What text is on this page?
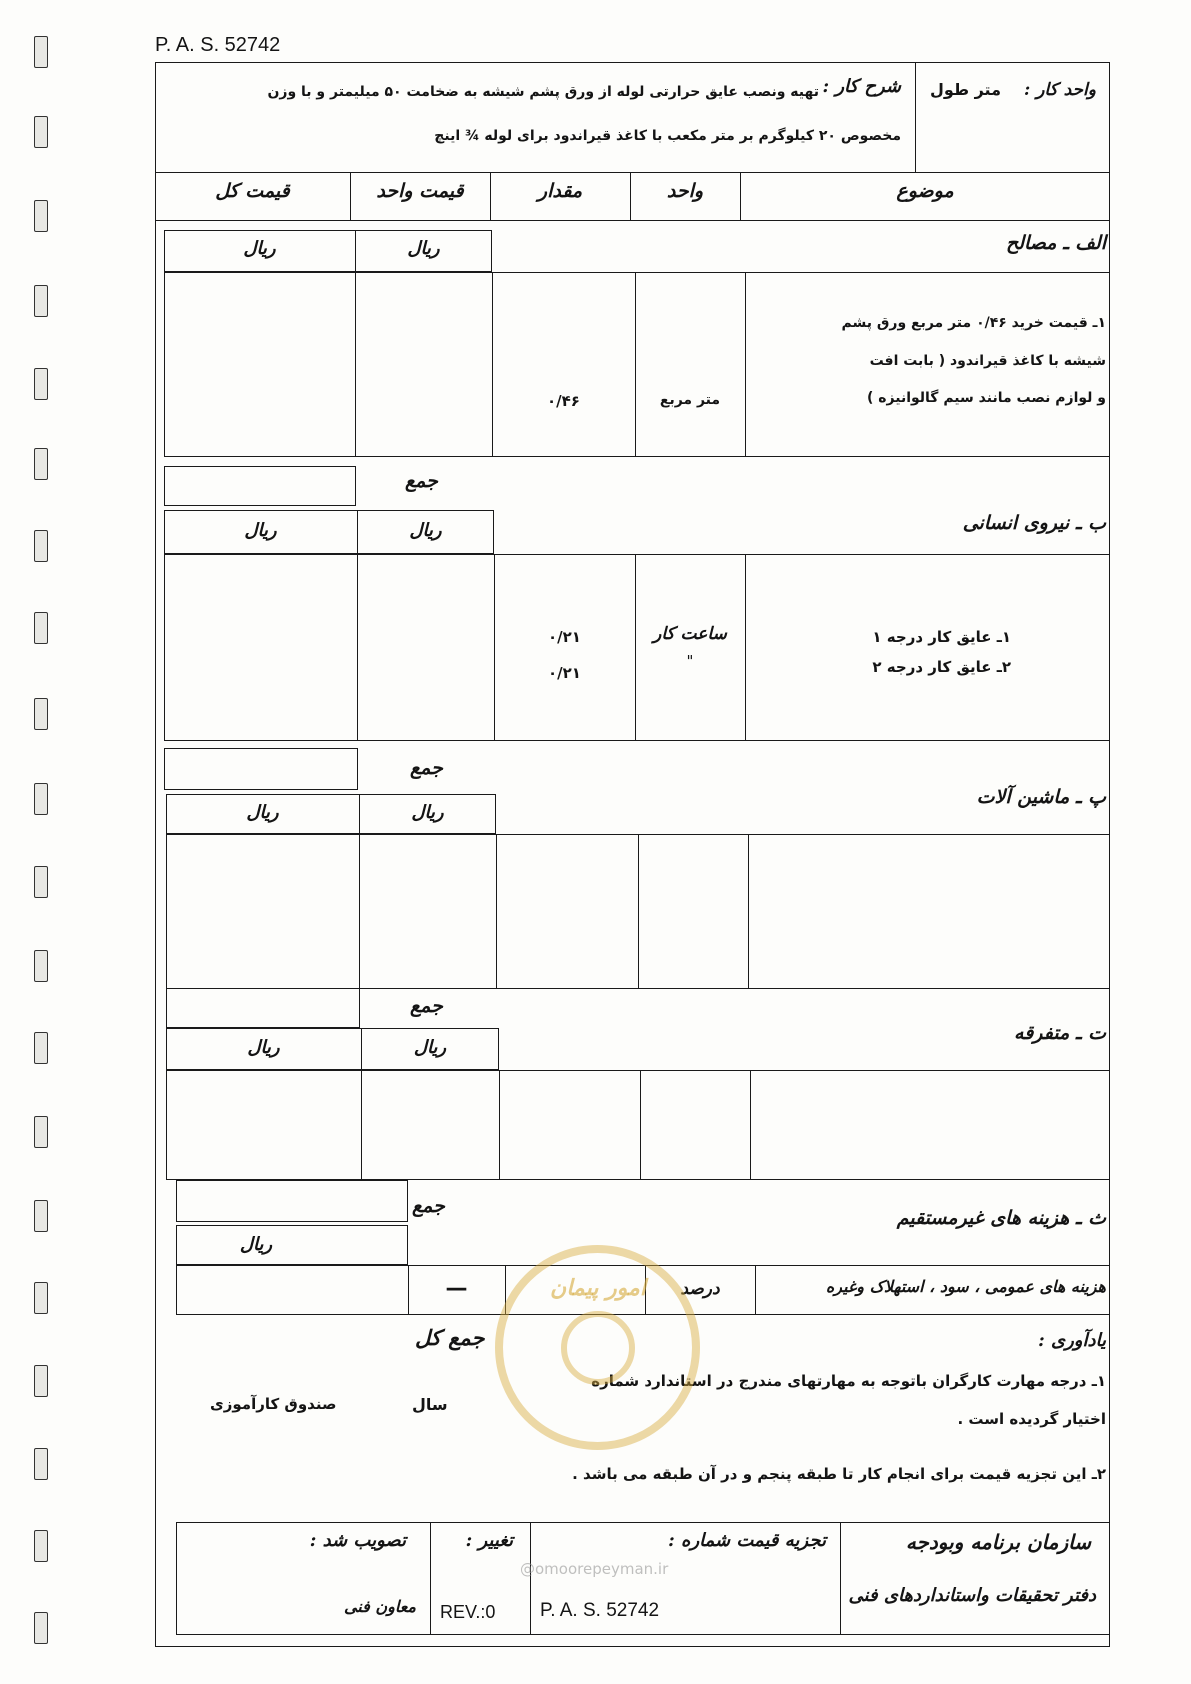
P. A. S. 52742
واحد کار :
متر طول
شرح کار :
تهیه ونصب عایق حرارتی لوله از ورق پشم شیشه به ضخامت ۵۰ میلیمتر و با وزن
مخصوص ۲۰ کیلوگرم بر متر مکعب با کاغذ قیراندود برای لوله ¾ اینچ
موضوع
واحد
مقدار
قیمت واحد
قیمت کل
الف ـ مصالح
ریال
ریال
۱ـ قیمت خرید ۰/۴۶ متر مربع ورق پشم
شیشه با کاغذ قیراندود ( بابت افت
و لوازم نصب مانند سیم گالوانیزه )
متر مربع
۰/۴۶
جمع
ب ـ نیروی انسانی
ریال
ریال
۱ـ عایق کار درجه ۱
۲ـ عایق کار درجه ۲
ساعت کار
"
۰/۲۱
۰/۲۱
جمع
پ ـ ماشین آلات
ریال
ریال
جمع
ت ـ متفرقه
ریال
ریال
جمع
ث ـ هزینه های غیرمستقیم
ریال
هزینه های عمومی ، سود ، استهلاک وغیره
درصد
—
یادآوری :
جمع کل
۱ـ درجه مهارت کارگران باتوجه به مهارتهای مندرج در استاندارد شماره
اختیار گردیده است .
سال
صندوق کارآموزی
۲ـ این تجزیه قیمت برای انجام کار تا طبقه پنجم و در آن طبقه می باشد .
سازمان برنامه وبودجه
دفتر تحقیقات واستانداردهای فنی
تجزیه قیمت شماره :
P. A. S. 52742
تغییر :
REV.:0
تصویب شد :
معاون فنی
امور پیمان
@omoorepeyman.ir
